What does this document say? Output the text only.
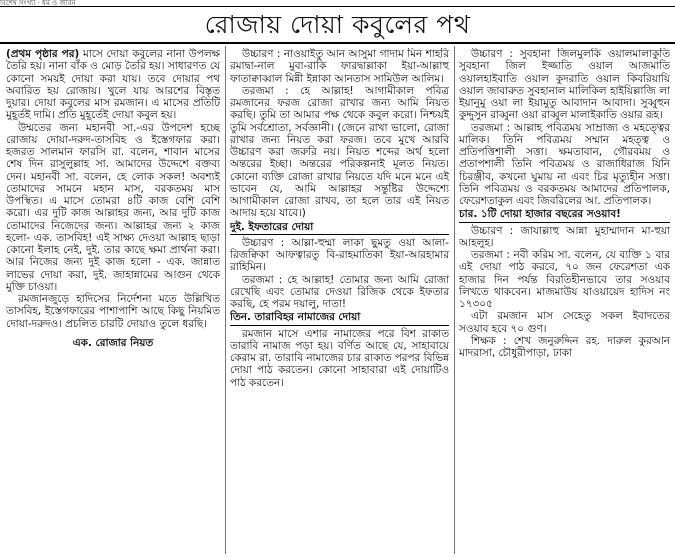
বিশেষ সংখ্যা · ধর্ম ও জীবন
রোজায় দোয়া কবুলের পথ

(প্রথম পৃষ্ঠার পর) মাসে দোয়া কবুলের নানা উপলক্ষ তৈরি হয়। নানা বাঁক ও মোড় তৈরি হয়। সাধারণত যে কোনো সময়ই দোয়া করা যায়। তবে দোয়ার পথ অবারিত হয় রোজায়। খুলে যায় আরশের বিস্তৃত দুয়ার। দোয়া কবুলের মাস রমজান। এ মাসের প্রতিটি মুহূর্তই দামি। প্রতি মুহূর্তেই দোয়া কবুল হয়।

উম্মতের জন্য মহানবী সা.-এর উপদেশ হচ্ছে রোজায় দোয়া-দরুদ-তাসবিহ ও ইস্তেগফার করা। হজরত সালমান ফারসি রা. বলেন, শাবান মাসের শেষ দিন রাসুলুল্লাহ সা. আমাদের উদ্দেশে বক্তব্য দেন। মহানবী সা. বলেন, হে লোক সকল! অবশ্যই তোমাদের সামনে মহান মাস, বরকতময় মাস উপস্থিত। এ মাসে তোমরা ৪টি কাজ বেশি বেশি করো। এর দুটি কাজ আল্লাহর জন্য, আর দুটি কাজ তোমাদের নিজেদের জন্য। আল্লাহর জন্য ২ কাজ হলো- এক. তাসবিহ! এই সাক্ষ্য দেওয়া আল্লাহ ছাড়া কোনো ইলাহ নেই, দুই. তার কাছে ক্ষমা প্রার্থনা করা। আর নিজের জন্য দুই কাজ হলো - এক. জান্নাত লাভের দোয়া করা, দুই. জাহান্নামের আগুন থেকে মুক্তি চাওয়া।

রমজানজুড়ে হাদিসের নির্দেশনা মতে উল্লিখিত তাসবিহ, ইস্তেগফারের পাশাপাশি আছে কিছু নিয়মিত দোয়া-দরুদও। প্রচলিত চারটি দোয়াও তুলে ধরছি।

এক. রোজার নিয়ত

উচ্চারণ : নাওয়াইতু আন আসুমা গাদাম মিন শাহরি রমাদ্বা-নাল মুবা-রাকি ফারদ্বাল্লাকা ইয়া-আল্লাহু ফাতাক্বাব্বাল মিন্নী ইন্নাকা আনতাস সামিউল আলিম।

তরজমা : হে আল্লাহ! আগামীকাল পবিত্র রমজানের ফরজ রোজা রাখার জন্য আমি নিয়ত করছি। তুমি তা আমার পক্ষ থেকে কবুল করো। নিশ্চয়ই তুমি সর্বশ্রোতা, সর্বজ্ঞানী। (জেনে রাখা ভালো, রোজা রাখার জন্য নিয়ত করা ফরজ। তবে মুখে আরবি উচ্চারণ করা জরুরি নয়। নিয়ত শব্দের অর্থ হলো অন্তরের ইচ্ছা। অন্তরের পরিকল্পনাই মূলত নিয়ত। কোনো ব্যক্তি রোজা রাখার নিয়তে যদি মনে মনে এই ভাবেন যে, আমি আল্লাহর সন্তুষ্টির উদ্দেশ্যে আগামীকাল রোজা রাখব, তা হলে তার এই নিয়ত আদায় হয়ে যাবে।)

দুই. ইফতারের দোয়া

উচ্চারণ : আল্লা-হুম্মা লাকা ছুমতু ওয়া আলা-রিজক্বিকা আফত্বারতু বি-রাহমাতিকা ইয়া-আরহামার রাহিমিন।

তরজমা : হে আল্লাহ! তোমার জন্য আমি রোজা রেখেছি এবং তোমার দেওয়া রিজিক থেকে ইফতার করছি, হে পরম দয়ালু, দাতা!

তিন. তারাবিহর নামাজের দোয়া

রমজান মাসে এশার নামাজের পরে বিশ রাকাত তারাবি নামাজ পড়া হয়। বর্ণিত আছে যে, সাহাবায়ে কেরাম রা. তারাবি নামাজের চার রাকাত পরপর বিভিন্ন দোয়া পাঠ করতেন। কোনো সাহাবারা এই দোয়াটিও পাঠ করতেন।

উচ্চারণ : সুবহানা জিলমুলকি ওয়ালমালাকুতি সুবহানা জিল ইজ্জাতি ওয়াল আজমাতি ওয়ালহাইবাতি ওয়াল কুদরাতি ওয়াল কিবরিয়ায়ি ওয়াল জাবারুত সুবহানাল মালিকিল হাইয়িল্লাজি লা ইয়ানুমু ওয়া লা ইয়ামুতু আবাদান আবাদা। সুব্বুহুন কুদ্দুসুন রাব্বুনা ওয়া রাব্বুল মালাইকাতি ওয়ার রূহ।

তরজমা : আল্লাহ পবিত্রময় সাম্রাজ্য ও মহত্ত্বের মালিক। তিনি পবিত্রময় সম্মান মহত্ত্ব ও প্রতিপত্তিশালী সত্তা। ক্ষমতাবান, গৌরবময় ও প্রতাপশালী তিনি পবিত্রময় ও রাজাধিরাজ যিনি চিরঞ্জীব, কখনো ঘুমায় না এবং চির মৃত্যুহীন সত্তা। তিনি পবিত্রময় ও বরকতময় আমাদের প্রতিপালক, ফেরেশতাকুল এবং জিবরিলের আ. প্রতিপালক।

চার. ১টি দোয়া হাজার বছরের সওয়াব!

উচ্চারণ : জাযাল্লাহু আন্না মুহাম্মাদান মা-হুয়া আহলুহ।

তরজমা : নবী করিম সা. বলেন, যে ব্যক্তি ১ বার এই দোয়া পাঠ করবে, ৭০ জন ফেরেশতা এক হাজার দিন পর্যন্ত বিরতিহীনভাবে তার সওয়াব লিখতে থাকবেন। মাজমাউয যাওয়ায়েদ হাদিস নং ১৭৩০৫

এটা রমজান মাস সেহেতু সকল ইবাদতের সওয়াব হবে ৭০ গুণ।

শিক্ষক : শেখ জনুরুদ্দিন রহ. দারুল কুরআন মাদরাসা, চৌধুরীপাড়া, ঢাকা
